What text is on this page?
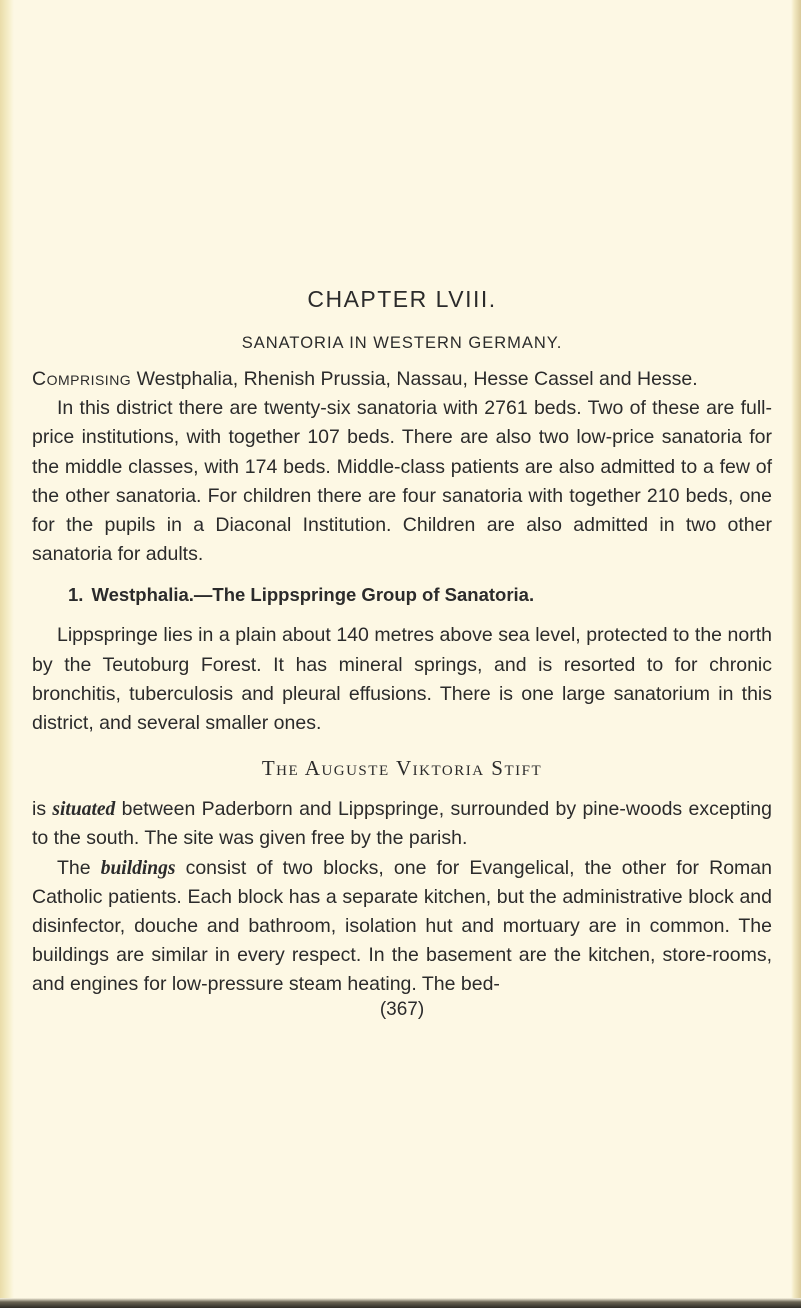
CHAPTER LVIII.
SANATORIA IN WESTERN GERMANY.

Comprising Westphalia, Rhenish Prussia, Nassau, Hesse Cassel and Hesse.

In this district there are twenty-six sanatoria with 2761 beds. Two of these are full-price institutions, with together 107 beds. There are also two low-price sanatoria for the middle classes, with 174 beds. Middle-class patients are also admitted to a few of the other sanatoria. For children there are four sanatoria with together 210 beds, one for the pupils in a Diaconal Institution. Children are also admitted in two other sanatoria for adults.

1. Westphalia.—The Lippspringe Group of Sanatoria.

Lippspringe lies in a plain about 140 metres above sea level, protected to the north by the Teutoburg Forest. It has mineral springs, and is resorted to for chronic bronchitis, tuberculosis and pleural effusions. There is one large sanatorium in this district, and several smaller ones.

The Auguste Viktoria Stift

is situated between Paderborn and Lippspringe, surrounded by pine-woods excepting to the south. The site was given free by the parish.

The buildings consist of two blocks, one for Evangelical, the other for Roman Catholic patients. Each block has a separate kitchen, but the administrative block and disinfector, douche and bathroom, isolation hut and mortuary are in common. The buildings are similar in every respect. In the basement are the kitchen, store-rooms, and engines for low-pressure steam heating. The bed-

(367)
